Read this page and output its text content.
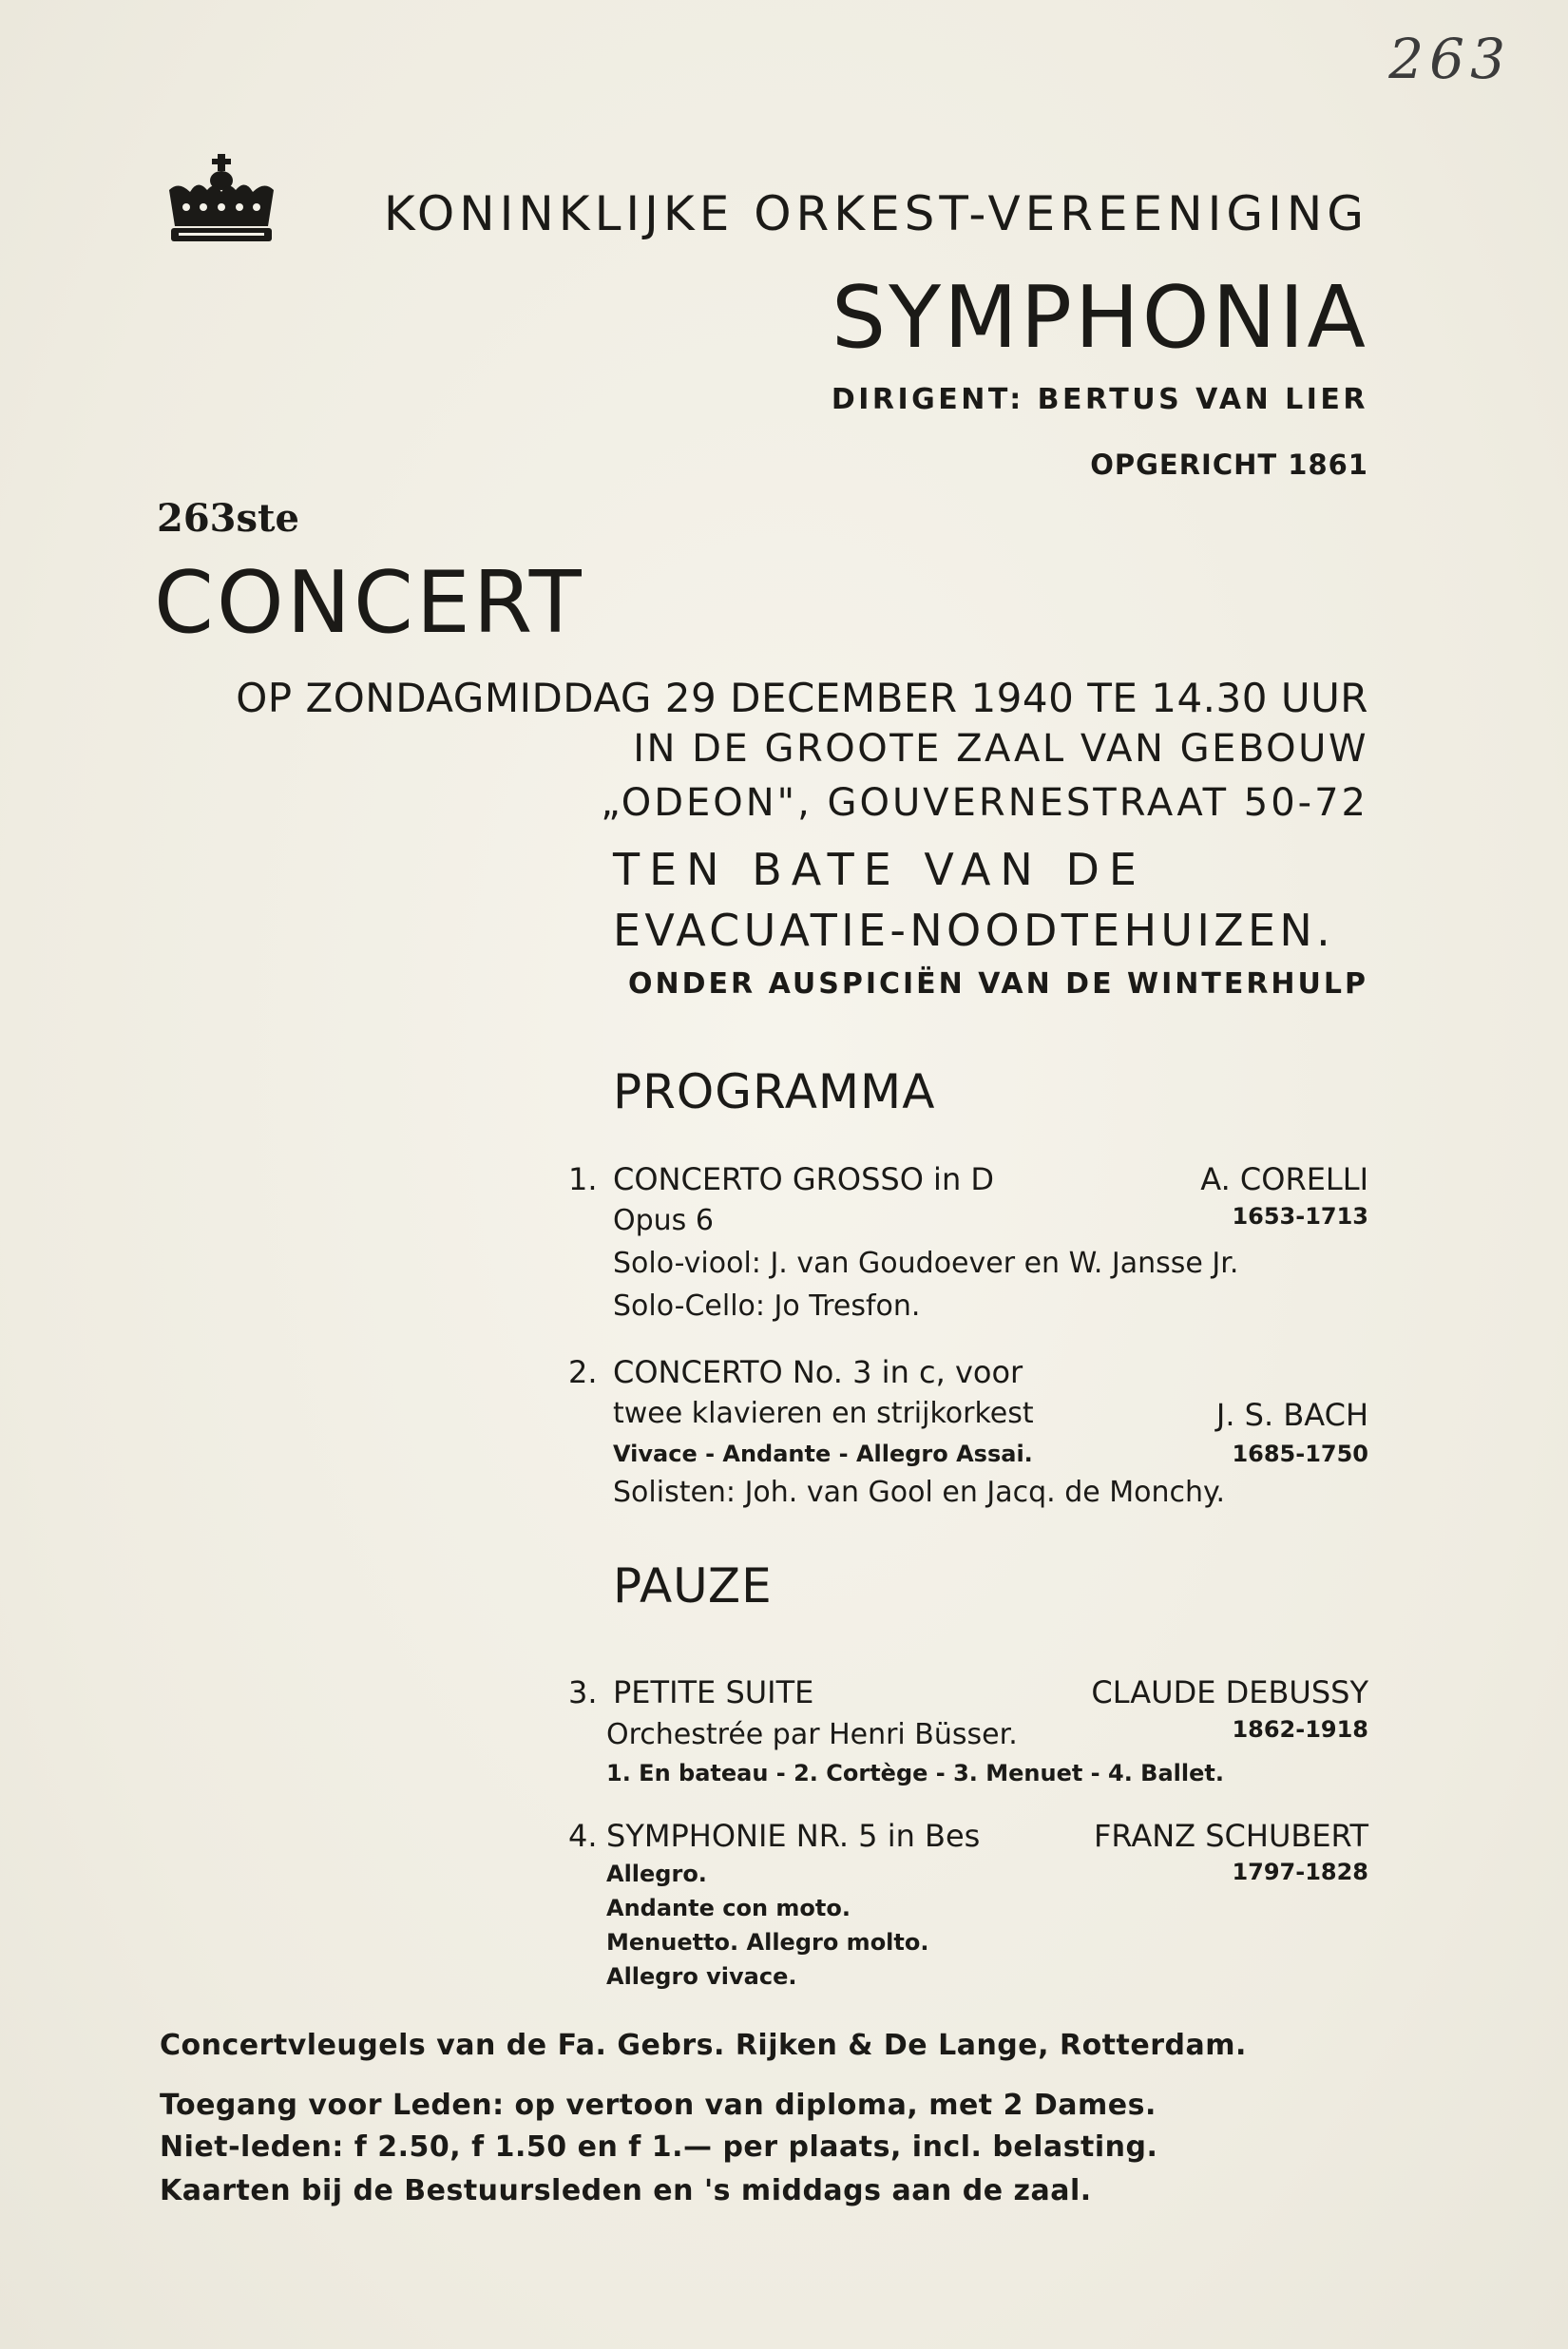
263
KONINKLIJKE ORKEST-VEREENIGING
SYMPHONIA
DIRIGENT: BERTUS VAN LIER
OPGERICHT 1861
263ste
CONCERT
OP ZONDAGMIDDAG 29 DECEMBER 1940 TE 14.30 UUR
IN DE GROOTE ZAAL VAN GEBOUW
„ODEON", GOUVERNESTRAAT 50-72
TEN BATE VAN DE
EVACUATIE-NOODTEHUIZEN.
ONDER AUSPICIËN VAN DE WINTERHULP
PROGRAMMA
1. CONCERTO GROSSO in D	A. CORELLI
Opus 6	1653-1713
Solo-viool: J. van Goudoever en W. Jansse Jr.
Solo-Cello: Jo Tresfon.
2. CONCERTO No. 3 in c, voor
twee klavieren en strijkorkest	J. S. BACH
Vivace - Andante - Allegro Assai.	1685-1750
Solisten: Joh. van Gool en Jacq. de Monchy.
PAUZE
3. PETITE SUITE	CLAUDE DEBUSSY
Orchestrée par Henri Büsser.	1862-1918
1. En bateau - 2. Cortège - 3. Menuet - 4. Ballet.
4. SYMPHONIE NR. 5 in Bes	FRANZ SCHUBERT
Allegro.	1797-1828
Andante con moto.
Menuetto. Allegro molto.
Allegro vivace.
Concertvleugels van de Fa. Gebrs. Rijken & De Lange, Rotterdam.
Toegang voor Leden: op vertoon van diploma, met 2 Dames.
Niet-leden: f 2.50, f 1.50 en f 1.— per plaats, incl. belasting.
Kaarten bij de Bestuursleden en 's middags aan de zaal.
